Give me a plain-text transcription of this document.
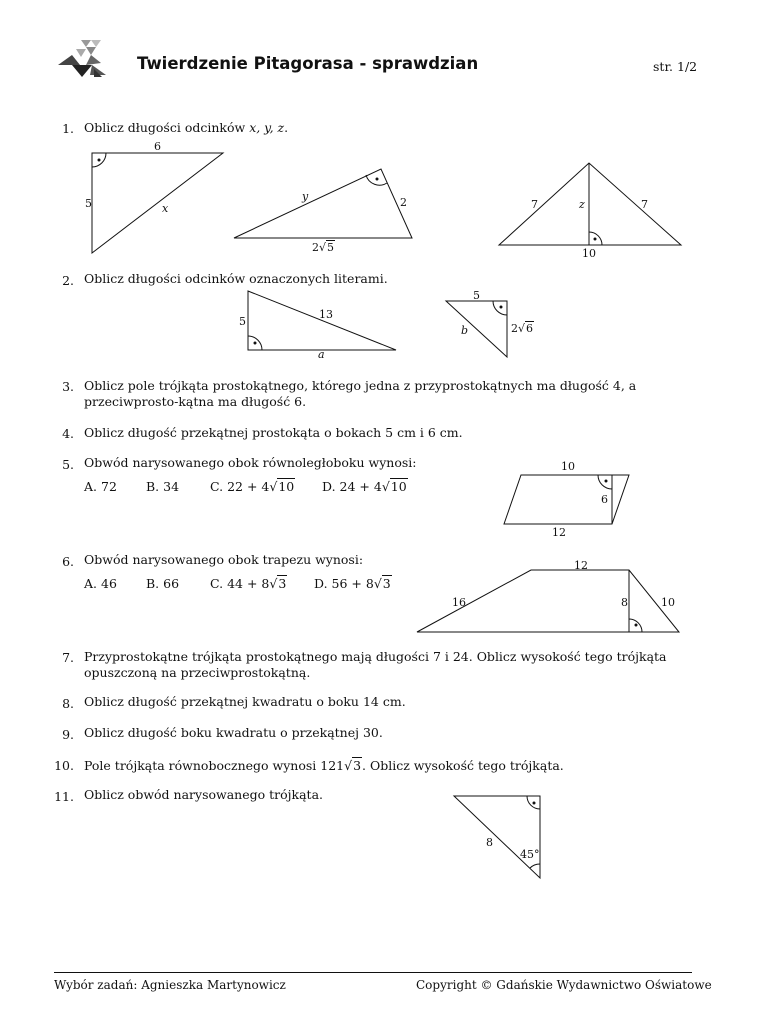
Twierdzenie Pitagorasa - sprawdzian	str. 1/2
1. Oblicz długości odcinków x, y, z.
2. Oblicz długości odcinków oznaczonych literami.
3. Oblicz pole trójkąta prostokątnego, którego jedna z przyprostokątnych ma długość 4, a przeciwprosto-kątna ma długość 6.
4. Oblicz długość przekątnej prostokąta o bokach 5 cm i 6 cm.
5. Obwód narysowanego obok równoległoboku wynosi:
A. 72 B. 34 C. 22 + 4√10 D. 24 + 4√10
6. Obwód narysowanego obok trapezu wynosi:
A. 46 B. 66 C. 44 + 8√3 D. 56 + 8√3
7. Przyprostokątne trójkąta prostokątnego mają długości 7 i 24. Oblicz wysokość tego trójkąta opuszczoną na przeciwprostokątną.
8. Oblicz długość przekątnej kwadratu o boku 14 cm.
9. Oblicz długość boku kwadratu o przekątnej 30.
10. Pole trójkąta równobocznego wynosi 121√3. Oblicz wysokość tego trójkąta.
11. Oblicz obwód narysowanego trójkąta.
6
5	x
y	2
2√5
7	z	7
10
5
13
a
5
b	2√6
10
6
12
12
16	8	10
8
45°
Wybór zadań: Agnieszka Martynowicz	Copyright © Gdańskie Wydawnictwo Oświatowe
